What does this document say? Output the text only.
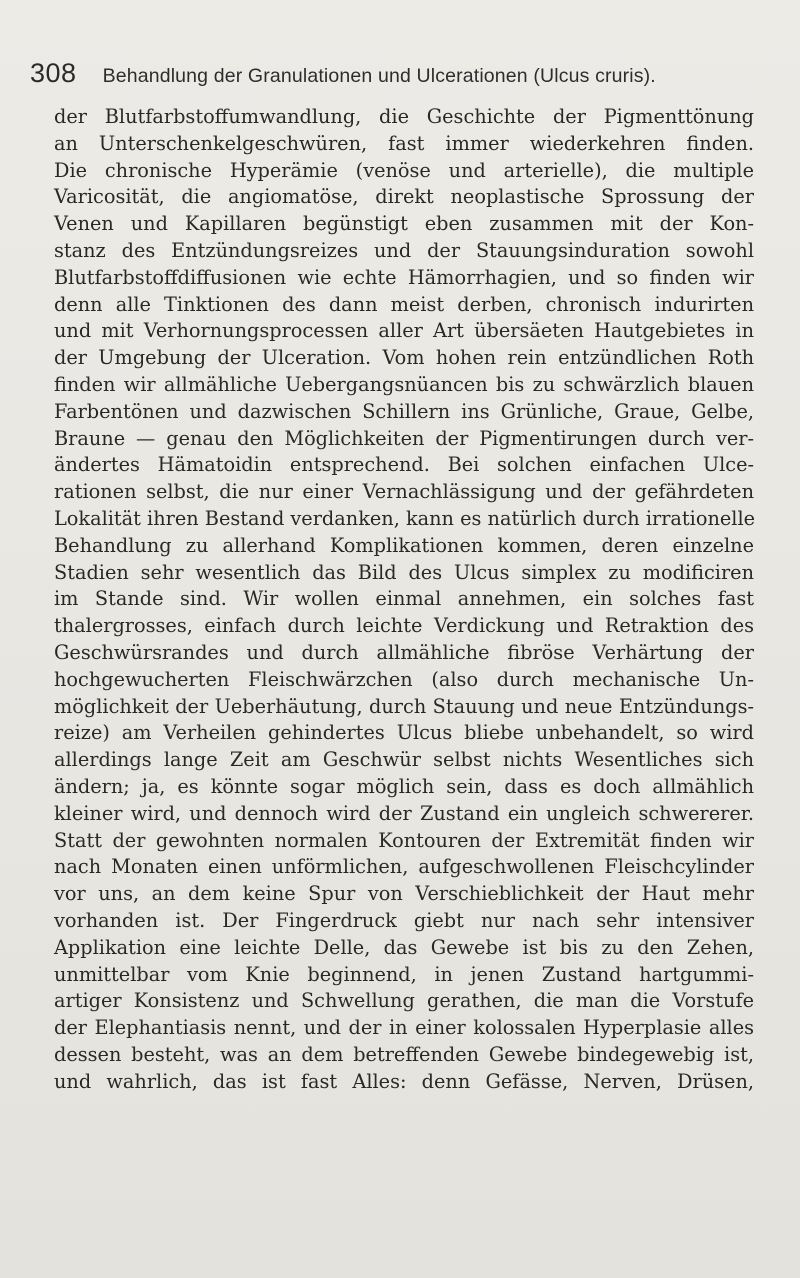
308 Behandlung der Granulationen und Ulcerationen (Ulcus cruris).
der Blutfarbstoffumwandlung, die Geschichte der Pigmenttönung
an Unterschenkelgeschwüren, fast immer wiederkehren finden.
Die chronische Hyperämie (venöse und arterielle), die multiple
Varicosität, die angiomatöse, direkt neoplastische Sprossung der
Venen und Kapillaren begünstigt eben zusammen mit der Kon-
stanz des Entzündungsreizes und der Stauungsinduration sowohl
Blutfarbstoffdiffusionen wie echte Hämorrhagien, und so finden wir
denn alle Tinktionen des dann meist derben, chronisch indurirten
und mit Verhornungsprocessen aller Art übersäeten Hautgebietes in
der Umgebung der Ulceration. Vom hohen rein entzündlichen Roth
finden wir allmähliche Uebergangsnüancen bis zu schwärzlich blauen
Farbentönen und dazwischen Schillern ins Grünliche, Graue, Gelbe,
Braune — genau den Möglichkeiten der Pigmentirungen durch ver-
ändertes Hämatoidin entsprechend. Bei solchen einfachen Ulce-
rationen selbst, die nur einer Vernachlässigung und der gefährdeten
Lokalität ihren Bestand verdanken, kann es natürlich durch irrationelle
Behandlung zu allerhand Komplikationen kommen, deren einzelne
Stadien sehr wesentlich das Bild des Ulcus simplex zu modificiren
im Stande sind. Wir wollen einmal annehmen, ein solches fast
thalergrosses, einfach durch leichte Verdickung und Retraktion des
Geschwürsrandes und durch allmähliche fibröse Verhärtung der
hochgewucherten Fleischwärzchen (also durch mechanische Un-
möglichkeit der Ueberhäutung, durch Stauung und neue Entzündungs-
reize) am Verheilen gehindertes Ulcus bliebe unbehandelt, so wird
allerdings lange Zeit am Geschwür selbst nichts Wesentliches sich
ändern; ja, es könnte sogar möglich sein, dass es doch allmählich
kleiner wird, und dennoch wird der Zustand ein ungleich schwererer.
Statt der gewohnten normalen Kontouren der Extremität finden wir
nach Monaten einen unförmlichen, aufgeschwollenen Fleischcylinder
vor uns, an dem keine Spur von Verschieblichkeit der Haut mehr
vorhanden ist. Der Fingerdruck giebt nur nach sehr intensiver
Applikation eine leichte Delle, das Gewebe ist bis zu den Zehen,
unmittelbar vom Knie beginnend, in jenen Zustand hartgummi-
artiger Konsistenz und Schwellung gerathen, die man die Vorstufe
der Elephantiasis nennt, und der in einer kolossalen Hyperplasie alles
dessen besteht, was an dem betreffenden Gewebe bindegewebig ist,
und wahrlich, das ist fast Alles: denn Gefässe, Nerven, Drüsen,
